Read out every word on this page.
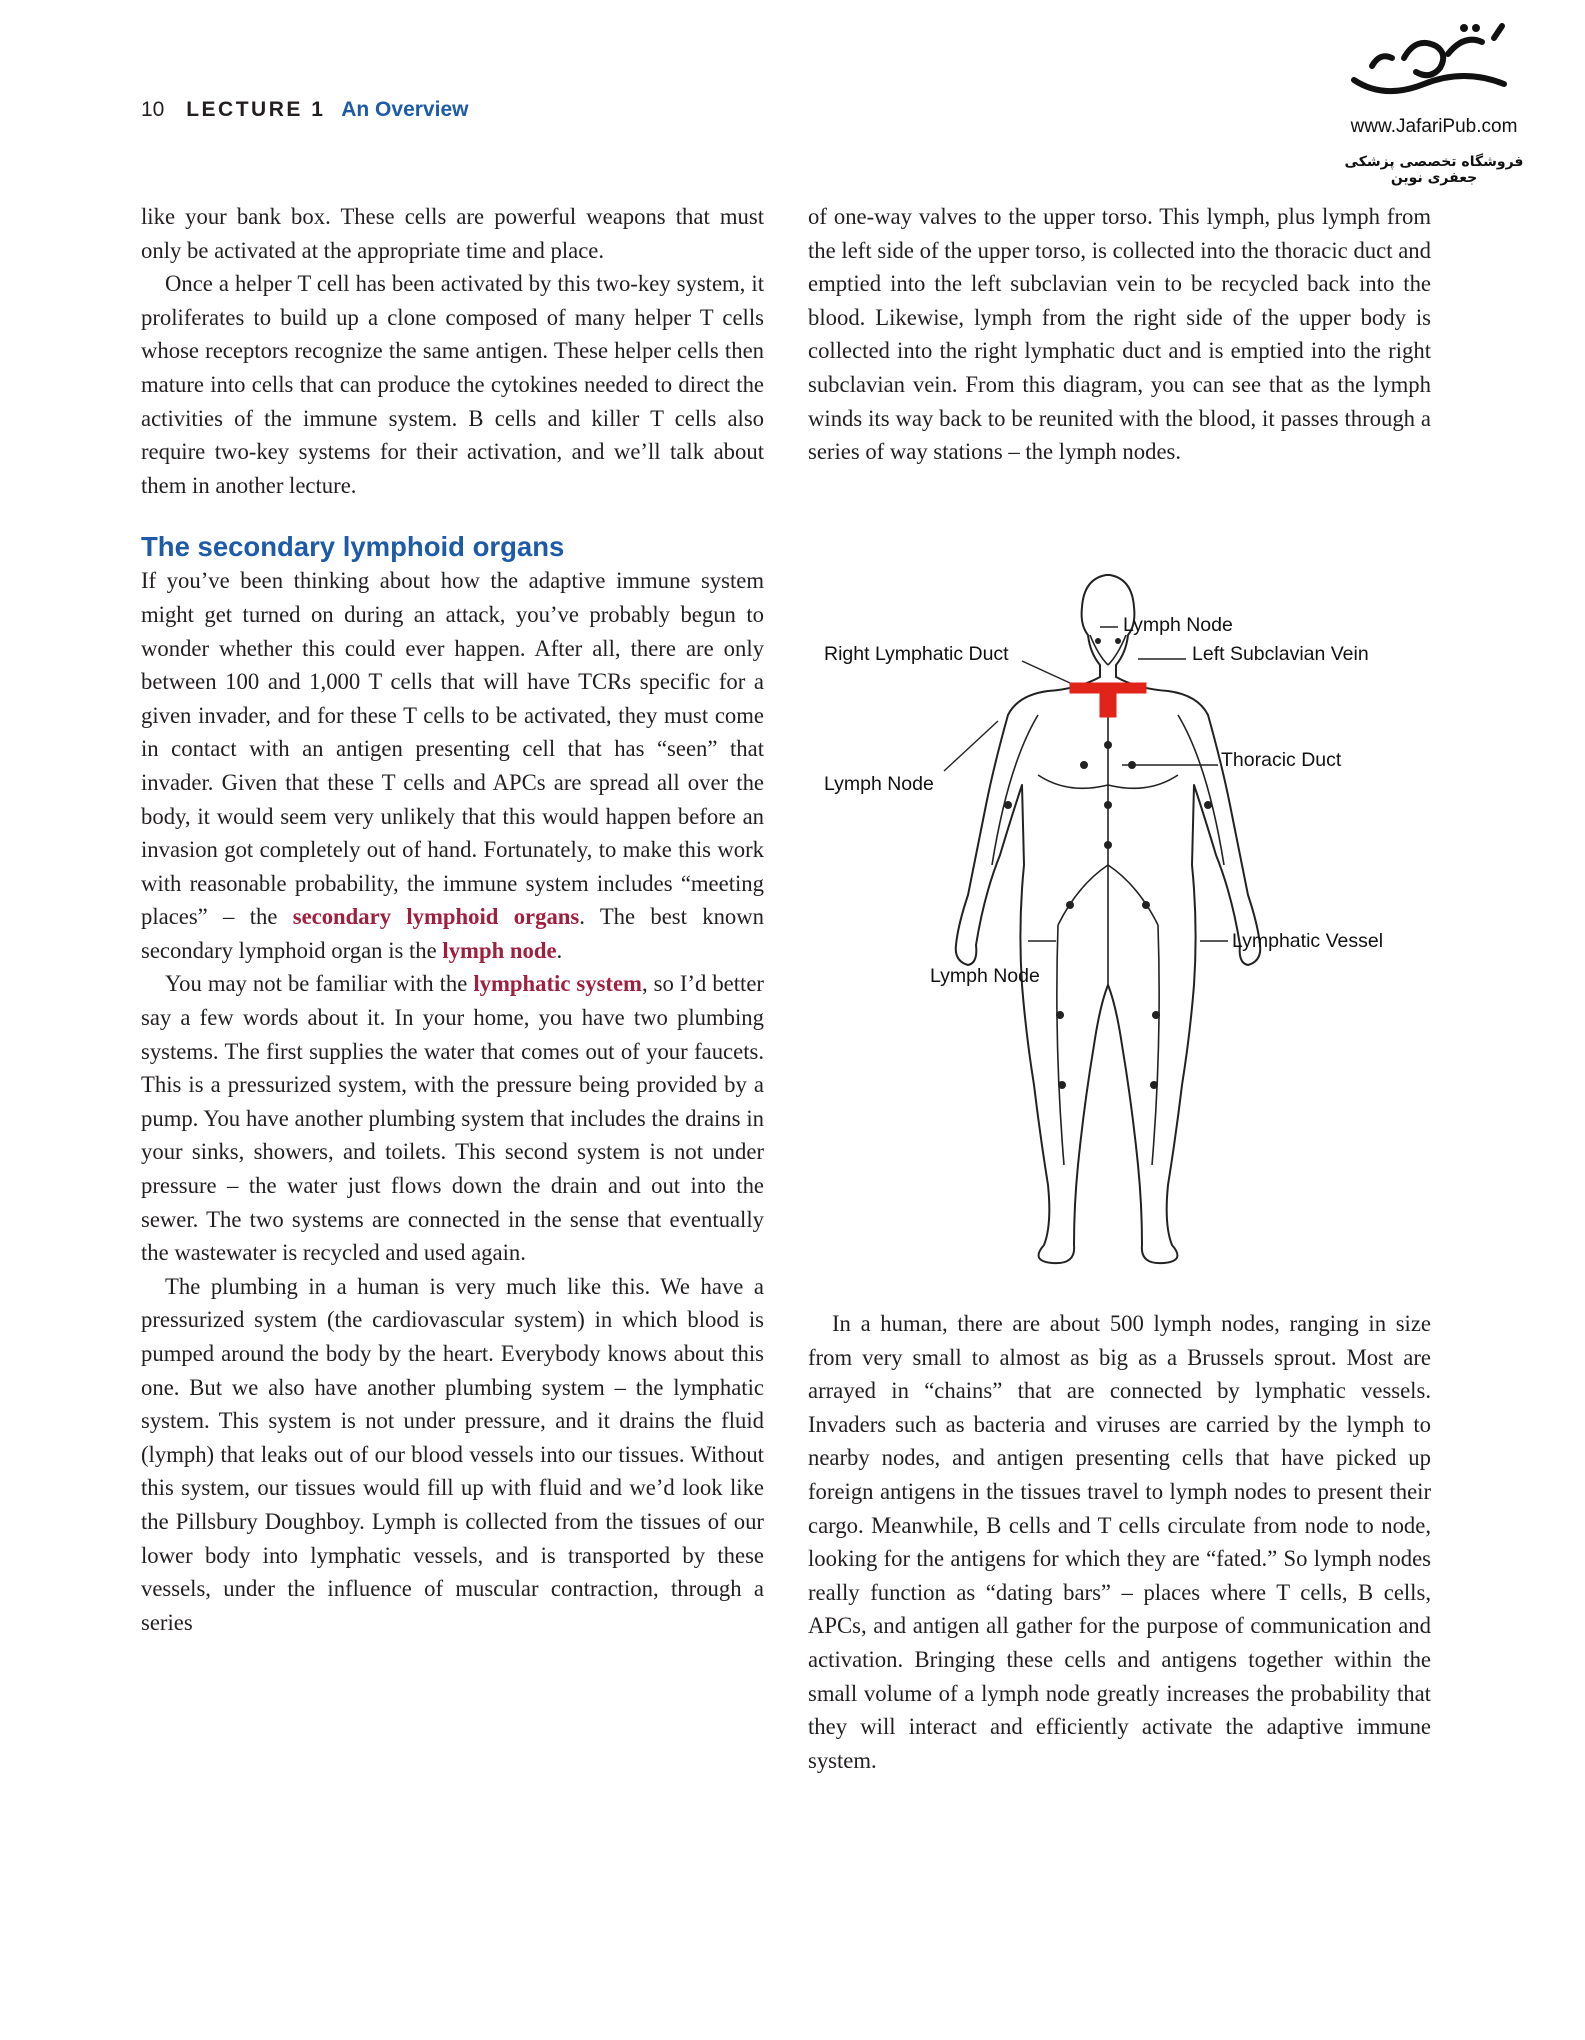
10 LECTURE 1 An Overview
www.JafariPub.com
فروشگاه تخصصی پزشکی جعفری نوین

like your bank box. These cells are powerful weapons that must only be activated at the appropriate time and place.

Once a helper T cell has been activated by this two-key system, it proliferates to build up a clone composed of many helper T cells whose receptors recognize the same antigen. These helper cells then mature into cells that can produce the cytokines needed to direct the activities of the immune system. B cells and killer T cells also require two-key systems for their activation, and we’ll talk about them in another lecture.

The secondary lymphoid organs

If you’ve been thinking about how the adaptive immune system might get turned on during an attack, you’ve probably begun to wonder whether this could ever happen. After all, there are only between 100 and 1,000 T cells that will have TCRs specific for a given invader, and for these T cells to be activated, they must come in contact with an antigen presenting cell that has “seen” that invader. Given that these T cells and APCs are spread all over the body, it would seem very unlikely that this would happen before an invasion got completely out of hand. Fortunately, to make this work with reasonable probability, the immune system includes “meeting places” – the secondary lymphoid organs. The best known secondary lymphoid organ is the lymph node.

You may not be familiar with the lymphatic system, so I’d better say a few words about it. In your home, you have two plumbing systems. The first supplies the water that comes out of your faucets. This is a pressurized system, with the pressure being provided by a pump. You have another plumbing system that includes the drains in your sinks, showers, and toilets. This second system is not under pressure – the water just flows down the drain and out into the sewer. The two systems are connected in the sense that eventually the wastewater is recycled and used again.

The plumbing in a human is very much like this. We have a pressurized system (the cardiovascular system) in which blood is pumped around the body by the heart. Everybody knows about this one. But we also have another plumbing system – the lymphatic system. This system is not under pressure, and it drains the fluid (lymph) that leaks out of our blood vessels into our tissues. Without this system, our tissues would fill up with fluid and we’d look like the Pillsbury Doughboy. Lymph is collected from the tissues of our lower body into lymphatic vessels, and is transported by these vessels, under the influence of muscular contraction, through a series

of one-way valves to the upper torso. This lymph, plus lymph from the left side of the upper torso, is collected into the thoracic duct and emptied into the left subclavian vein to be recycled back into the blood. Likewise, lymph from the right side of the upper body is collected into the right lymphatic duct and is emptied into the right subclavian vein. From this diagram, you can see that as the lymph winds its way back to be reunited with the blood, it passes through a series of way stations – the lymph nodes.

Lymph Node
Right Lymphatic Duct	Left Subclavian Vein
Thoracic Duct
Lymph Node
Lymphatic Vessel
Lymph Node

In a human, there are about 500 lymph nodes, ranging in size from very small to almost as big as a Brussels sprout. Most are arrayed in “chains” that are connected by lymphatic vessels. Invaders such as bacteria and viruses are carried by the lymph to nearby nodes, and antigen presenting cells that have picked up foreign antigens in the tissues travel to lymph nodes to present their cargo. Meanwhile, B cells and T cells circulate from node to node, looking for the antigens for which they are “fated.” So lymph nodes really function as “dating bars” – places where T cells, B cells, APCs, and antigen all gather for the purpose of communication and activation. Bringing these cells and antigens together within the small volume of a lymph node greatly increases the probability that they will interact and efficiently activate the adaptive immune system.
